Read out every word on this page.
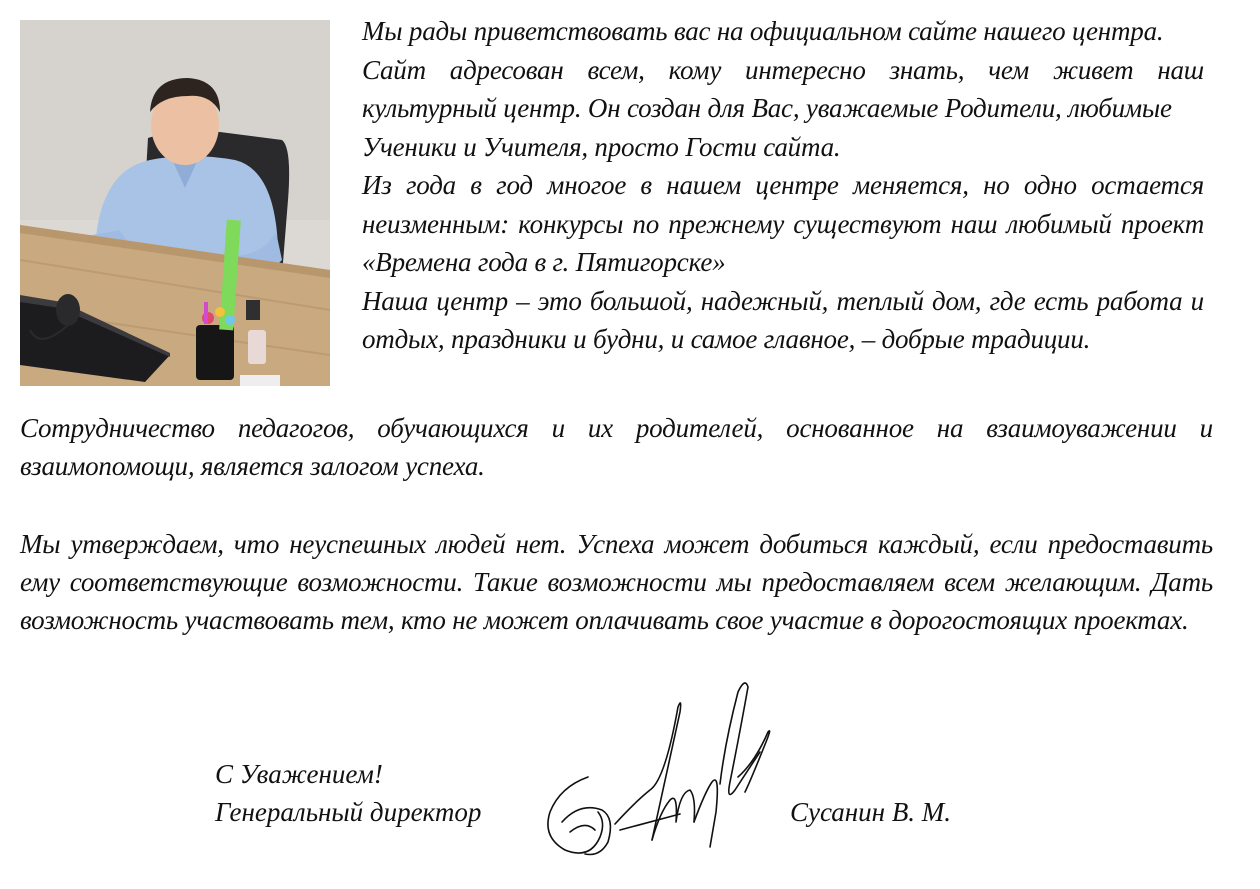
Мы рады приветствовать вас на официальном сайте нашего центра.

Сайт адресован всем, кому интересно знать, чем живет наш культурный центр. Он создан для Вас, уважаемые Родители, любимые

Ученики и Учителя, просто Гости сайта.

Из года в год многое в нашем центре меняется, но одно остается неизменным: конкурсы по прежнему существуют наш любимый проект «Времена года в г. Пятигорске»

Наша центр – это большой, надежный, теплый дом, где есть работа и отдых, праздники и будни, и самое главное, – добрые традиции.

Сотрудничество педагогов, обучающихся и их родителей, основанное на взаимоуважении и взаимопомощи, является залогом успеха.

Мы утверждаем, что неуспешных людей нет. Успеха может добиться каждый, если предоставить ему соответствующие возможности. Такие возможности мы предоставляем всем желающим. Дать возможность участвовать тем, кто не может оплачивать свое участие в дорогостоящих проектах.

С Уважением!
Генеральный директор	Сусанин В. М.
